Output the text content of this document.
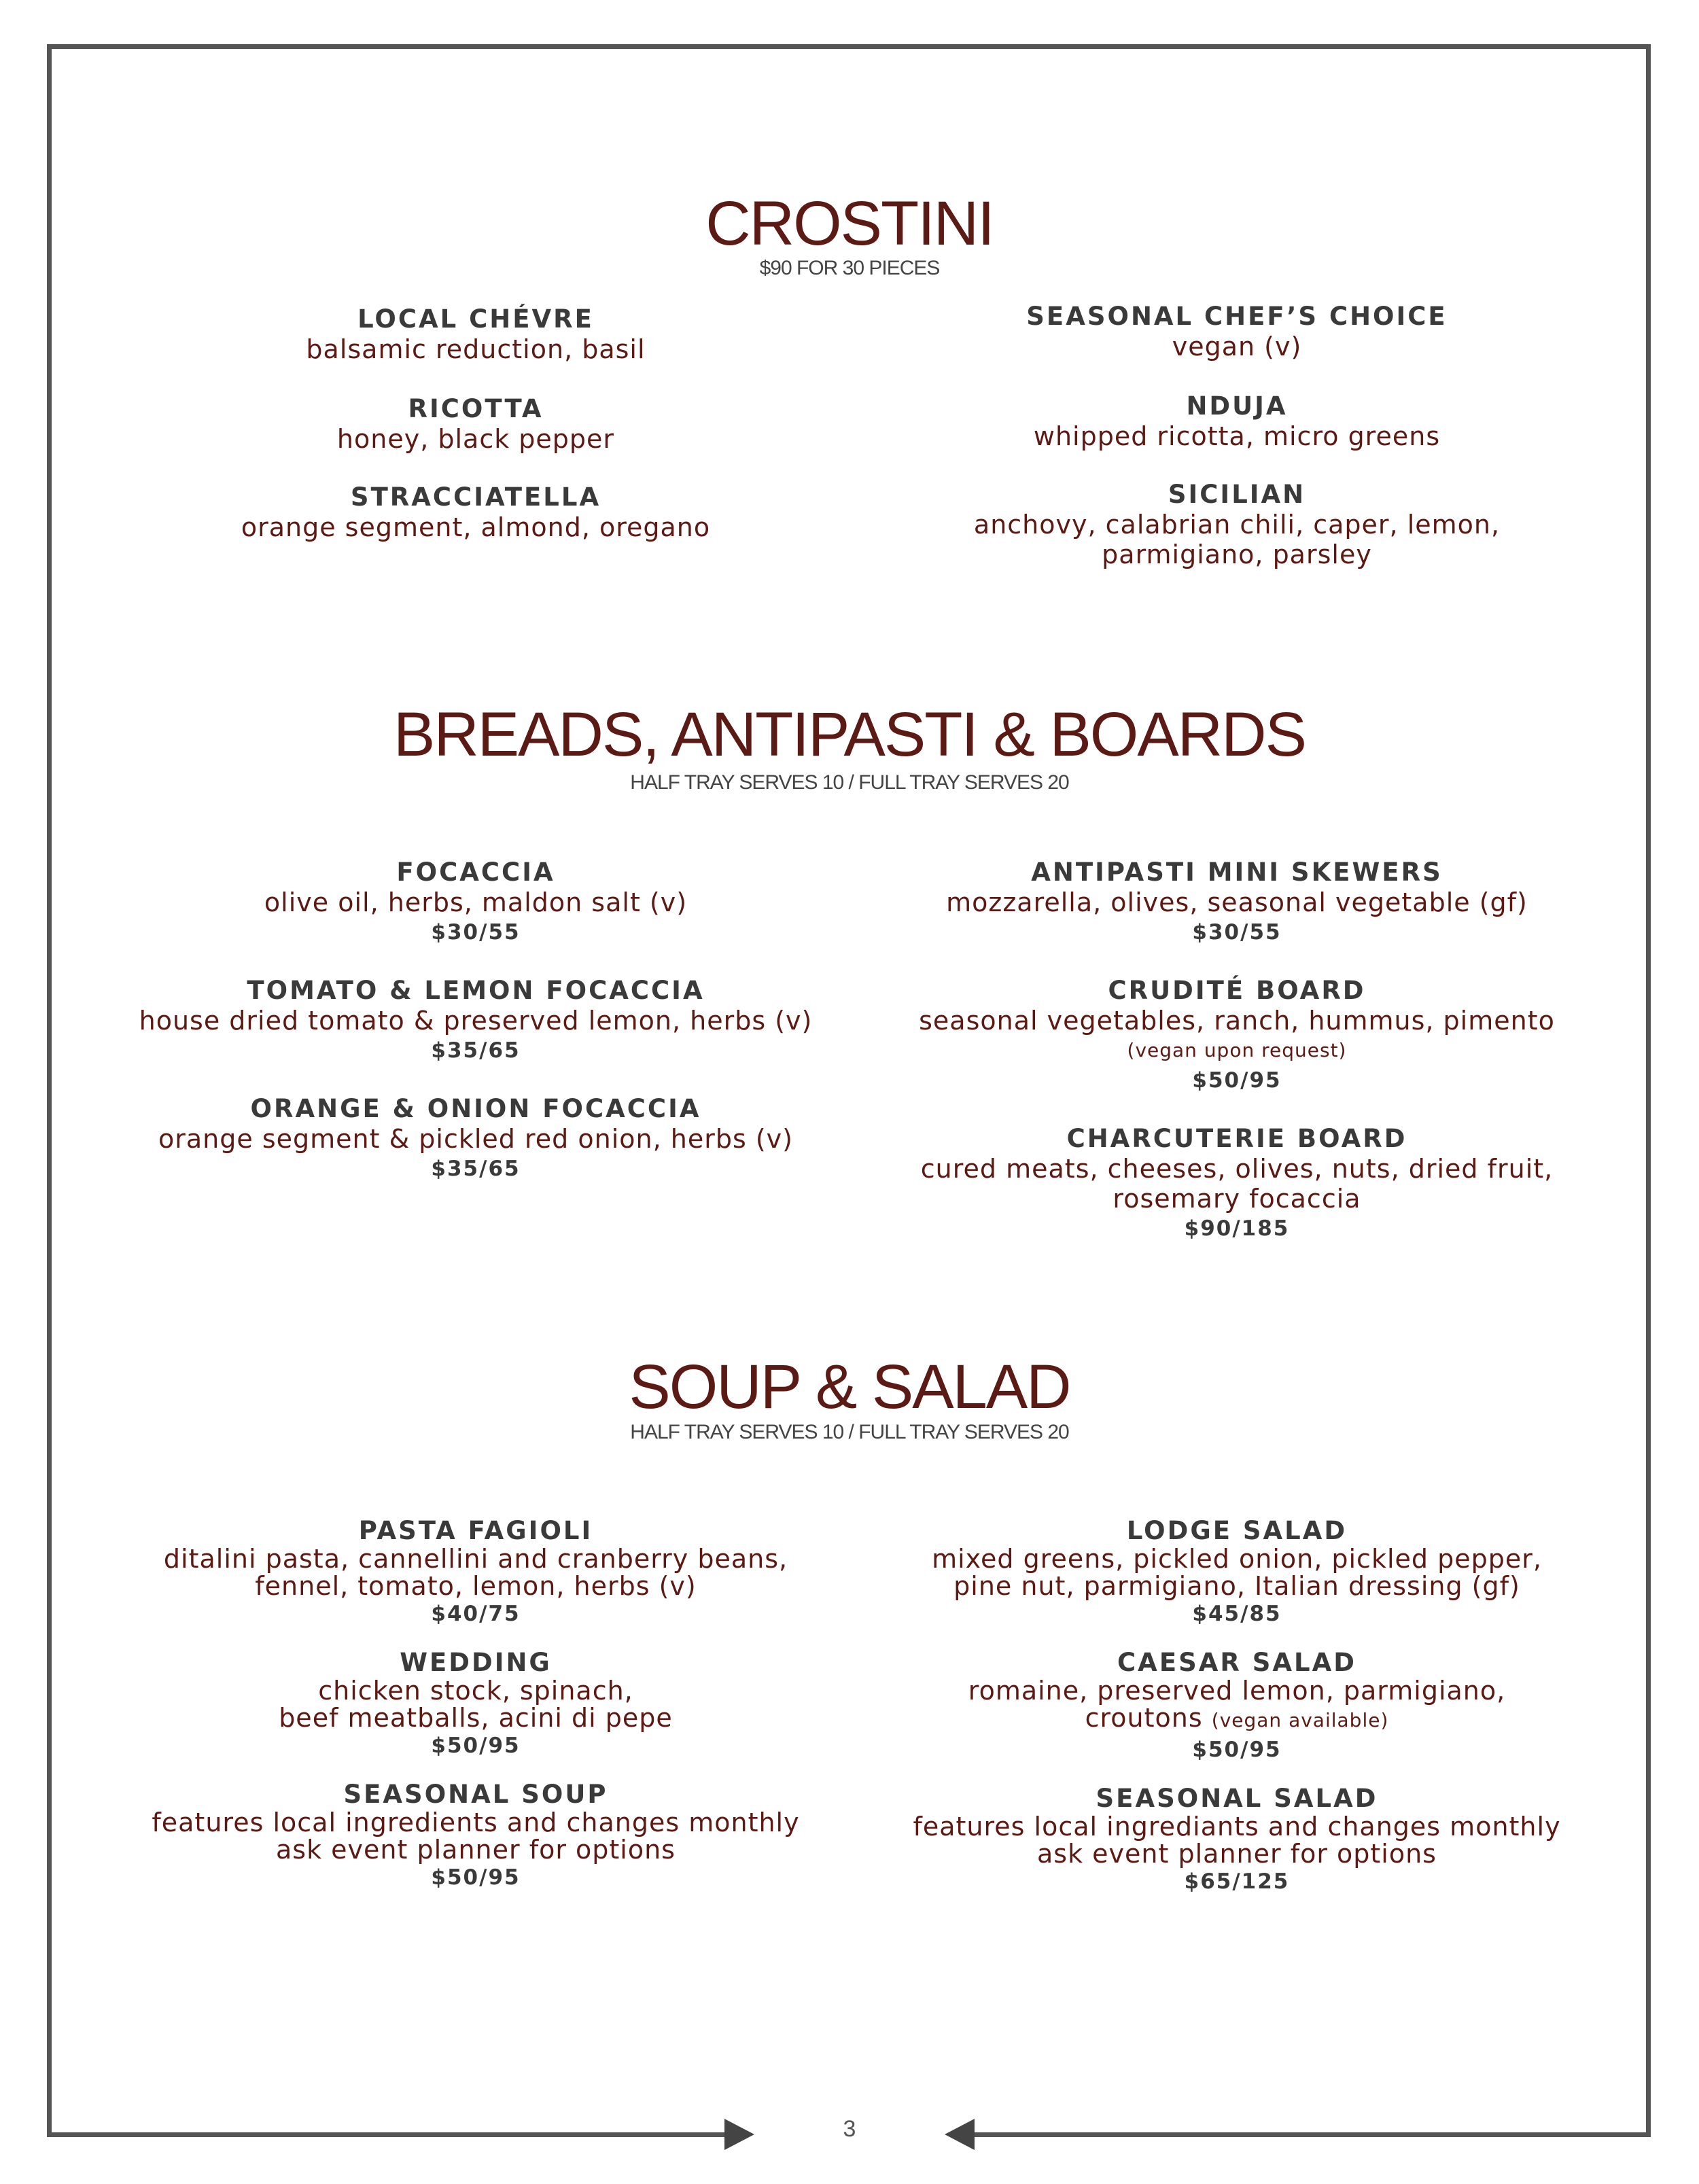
3
CROSTINI
$90 FOR 30 PIECES
LOCAL CHÉVRE
balsamic reduction, basil
RICOTTA
honey, black pepper
STRACCIATELLA
orange segment, almond, oregano
SEASONAL CHEF’S CHOICE
vegan (v)
NDUJA
whipped ricotta, micro greens
SICILIAN
anchovy, calabrian chili, caper, lemon,
parmigiano, parsley
BREADS, ANTIPASTI & BOARDS
HALF TRAY SERVES 10 / FULL TRAY SERVES 20
FOCACCIA
olive oil, herbs, maldon salt (v)
$30/55
TOMATO & LEMON FOCACCIA
house dried tomato & preserved lemon, herbs (v)
$35/65
ORANGE & ONION FOCACCIA
orange segment & pickled red onion, herbs (v)
$35/65
ANTIPASTI MINI SKEWERS
mozzarella, olives, seasonal vegetable (gf)
$30/55
CRUDITÉ BOARD
seasonal vegetables, ranch, hummus, pimento
(vegan upon request)
$50/95
CHARCUTERIE BOARD
cured meats, cheeses, olives, nuts, dried fruit,
rosemary focaccia
$90/185
SOUP & SALAD
HALF TRAY SERVES 10 / FULL TRAY SERVES 20
PASTA FAGIOLI
ditalini pasta, cannellini and cranberry beans,
fennel, tomato, lemon, herbs (v)
$40/75
WEDDING
chicken stock, spinach,
beef meatballs, acini di pepe
$50/95
SEASONAL SOUP
features local ingredients and changes monthly
ask event planner for options
$50/95
LODGE SALAD
mixed greens, pickled onion, pickled pepper,
pine nut, parmigiano, Italian dressing (gf)
$45/85
CAESAR SALAD
romaine, preserved lemon, parmigiano,
croutons (vegan available)
$50/95
SEASONAL SALAD
features local ingrediants and changes monthly
ask event planner for options
$65/125
